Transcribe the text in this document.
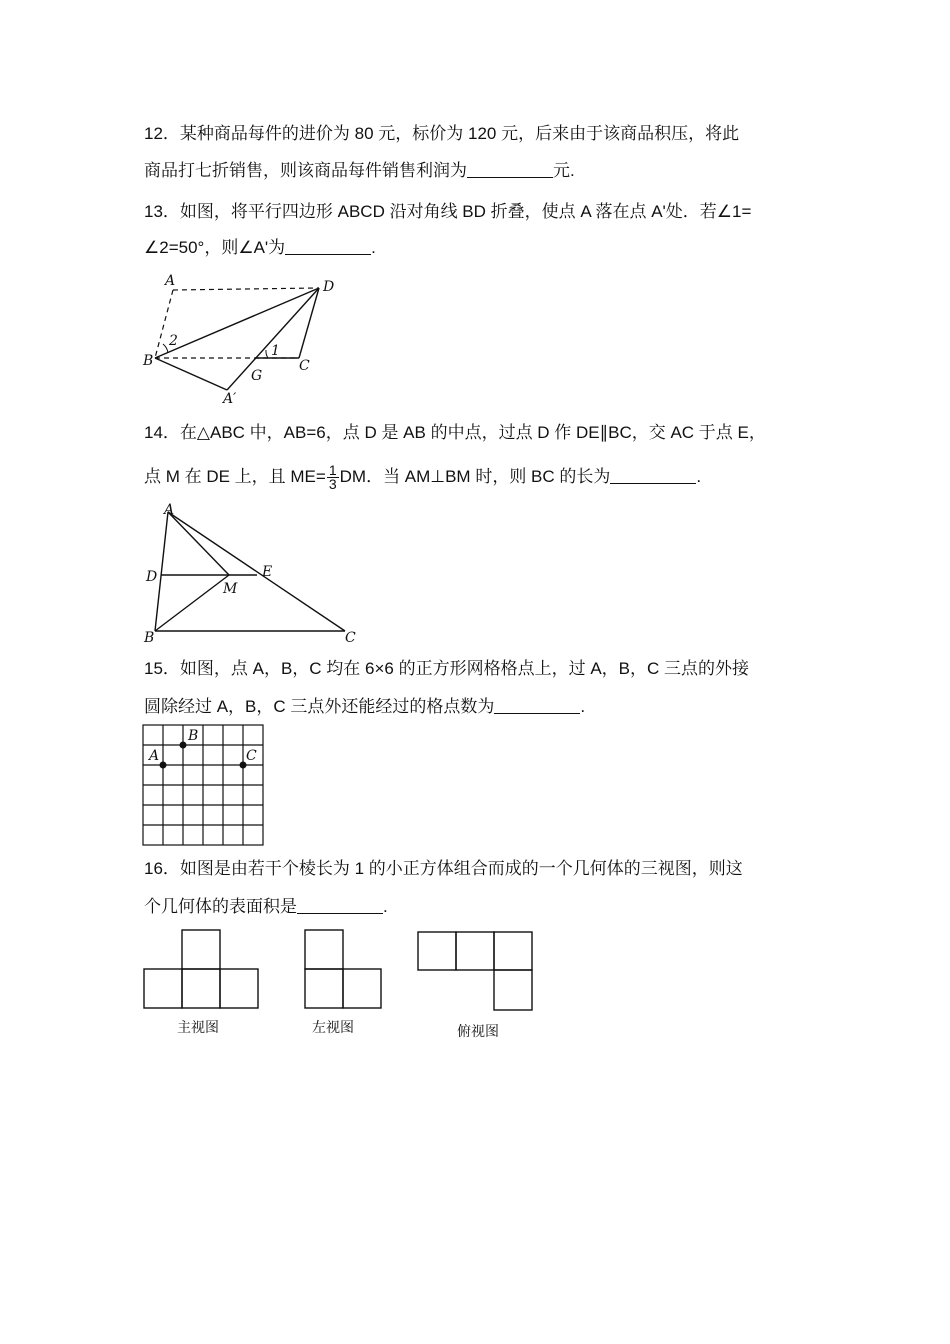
12．某种商品每件的进价为 80 元，标价为 120 元，后来由于该商品积压，将此
商品打七折销售，则该商品每件销售利润为	元.
13．如图，将平行四边形 ABCD 沿对角线 BD 折叠，使点 A 落在点 A'处．若∠1=
∠2=50°，则∠A'为	.
A	D
B	C
G
A′
1
2
14．在△ABC 中，AB=6，点 D 是 AB 的中点，过点 D 作 DE∥BC，交 AC 于点 E，
点 M 在 DE 上，且 $ME= \frac{1}{3}$ DM．当 AM⊥BM 时，则 BC 的长为	.
A
D	E
M
B	C
15．如图，点 A，B，C 均在 6×6 的正方形网格格点上，过 A，B，C 三点的外接
圆除经过 A，B，C 三点外还能经过的格点数为	.
A
B
C
16．如图是由若干个棱长为 1 的小正方体组合而成的一个几何体的三视图，则这
个几何体的表面积是	.
主视图	左视图	俯视图
